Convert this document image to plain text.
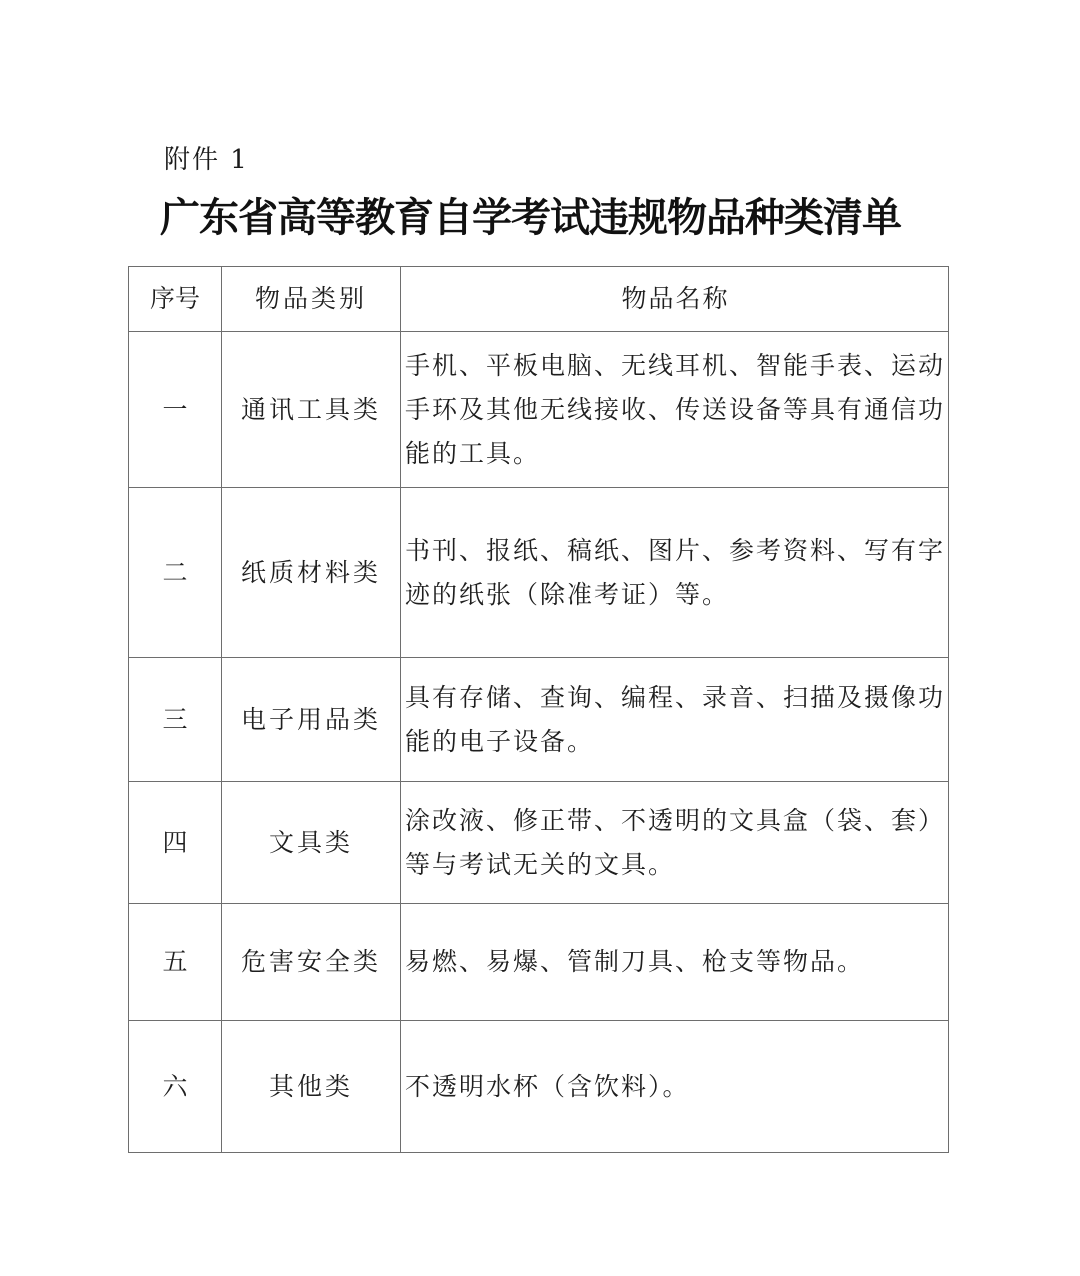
附件 1
广东省高等教育自学考试违规物品种类清单
序号	物品类别	物品名称
一	通讯工具类	手机、平板电脑、无线耳机、智能手表、运动手环及其他无线接收、传送设备等具有通信功能的工具。
二	纸质材料类	书刊、报纸、稿纸、图片、参考资料、写有字迹的纸张（除准考证）等。
三	电子用品类	具有存储、查询、编程、录音、扫描及摄像功能的电子设备。
四	文具类	涂改液、修正带、不透明的文具盒（袋、套）等与考试无关的文具。
五	危害安全类	易燃、易爆、管制刀具、枪支等物品。
六	其他类	不透明水杯（含饮料）。
